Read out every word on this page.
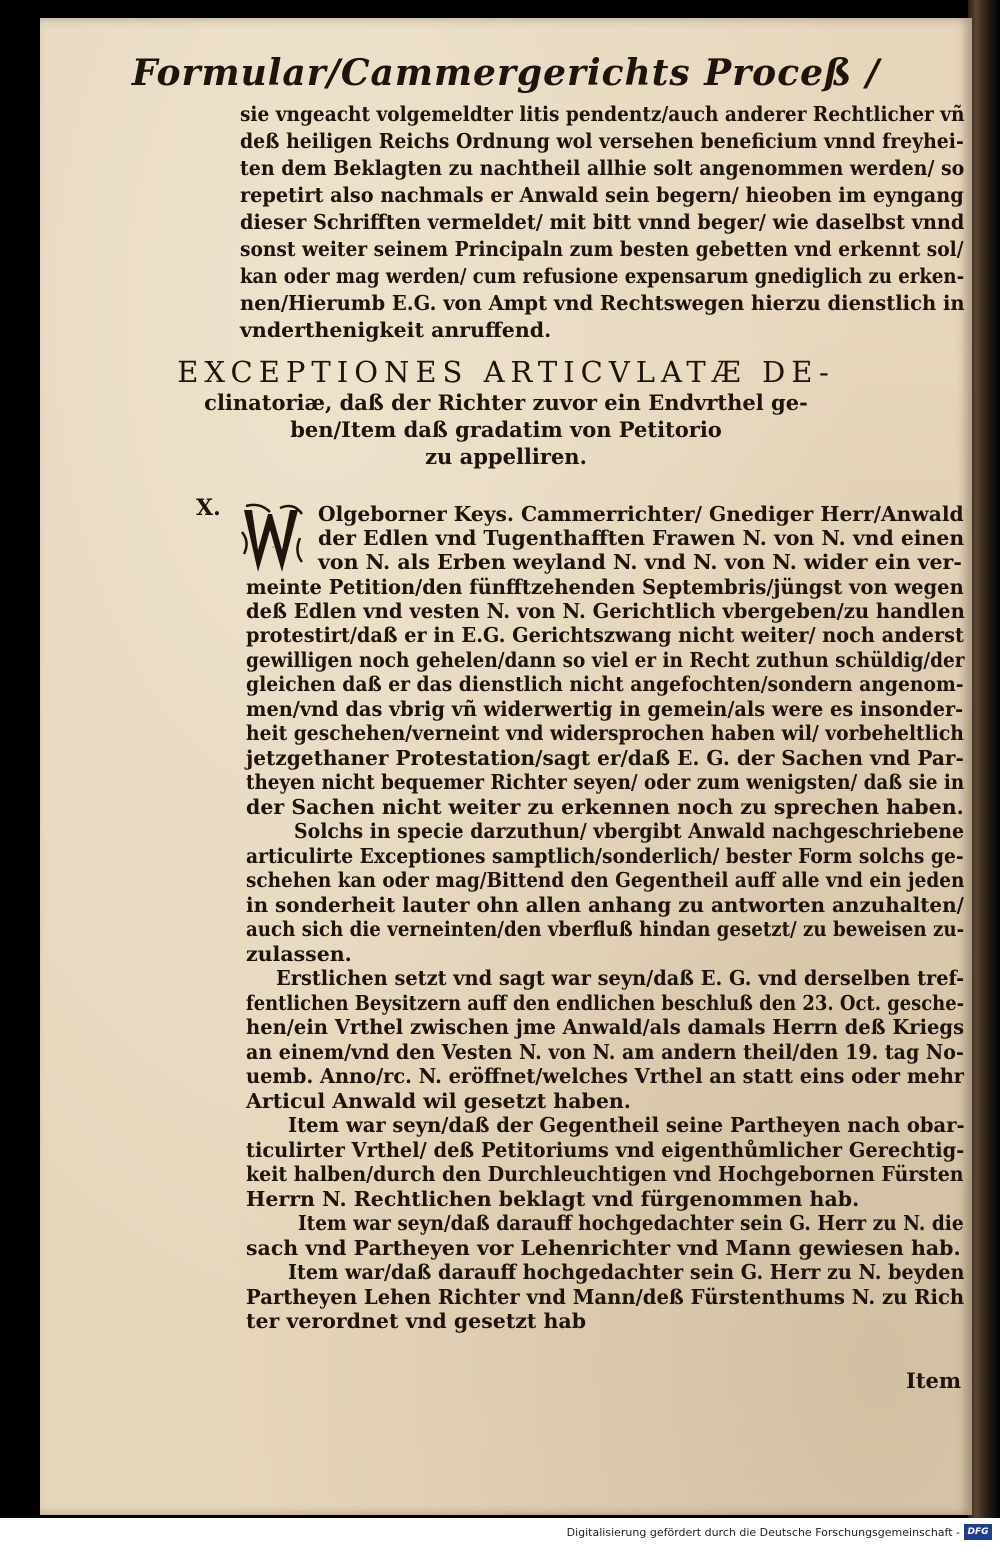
Formular/Cammergerichts Proceß /
sie vngeacht volgemeldter litis pendentz/auch anderer Rechtlicher vñ
deß heiligen Reichs Ordnung wol versehen beneficium vnnd freyhei-
ten dem Beklagten zu nachtheil allhie solt angenommen werden/ so
repetirt also nachmals er Anwald sein begern/ hieoben im eyngang
dieser Schrifften vermeldet/ mit bitt vnnd beger/ wie daselbst vnnd
sonst weiter seinem Principaln zum besten gebetten vnd erkennt sol/
kan oder mag werden/ cum refusione expensarum gnediglich zu erken-
nen/Hierumb E.G. von Ampt vnd Rechtswegen hierzu dienstlich in
vnderthenigkeit anruffend.
EXCEPTIONES ARTICVLATÆ DE-
clinatoriæ, daß der Richter zuvor ein Endvrthel ge-
ben/Item daß gradatim von Petitorio
zu appelliren.
X.
W
Olgeborner Keys. Cammerrichter/ Gnediger Herr/Anwald
der Edlen vnd Tugenthafften Frawen N. von N. vnd einen
von N. als Erben weyland N. vnd N. von N. wider ein ver-
meinte Petition/den fünfftzehenden Septembris/jüngst von wegen
deß Edlen vnd vesten N. von N. Gerichtlich vbergeben/zu handlen
protestirt/daß er in E.G. Gerichtszwang nicht weiter/ noch anderst
gewilligen noch gehelen/dann so viel er in Recht zuthun schüldig/der
gleichen daß er das dienstlich nicht angefochten/sondern angenom-
men/vnd das vbrig vñ widerwertig in gemein/als were es insonder-
heit geschehen/verneint vnd widersprochen haben wil/ vorbeheltlich
jetzgethaner Protestation/sagt er/daß E. G. der Sachen vnd Par-
theyen nicht bequemer Richter seyen/ oder zum wenigsten/ daß sie in
der Sachen nicht weiter zu erkennen noch zu sprechen haben.
Solchs in specie darzuthun/ vbergibt Anwald nachgeschriebene
articulirte Exceptiones samptlich/sonderlich/ bester Form solchs ge-
schehen kan oder mag/Bittend den Gegentheil auff alle vnd ein jeden
in sonderheit lauter ohn allen anhang zu antworten anzuhalten/
auch sich die verneinten/den vberfluß hindan gesetzt/ zu beweisen zu-
zulassen.
Erstlichen setzt vnd sagt war seyn/daß E. G. vnd derselben tref-
fentlichen Beysitzern auff den endlichen beschluß den 23. Oct. gesche-
hen/ein Vrthel zwischen jme Anwald/als damals Herrn deß Kriegs
an einem/vnd den Vesten N. von N. am andern theil/den 19. tag No-
uemb. Anno/rc. N. eröffnet/welches Vrthel an statt eins oder mehr
Articul Anwald wil gesetzt haben.
Item war seyn/daß der Gegentheil seine Partheyen nach obar-
ticulirter Vrthel/ deß Petitoriums vnd eigenthůmlicher Gerechtig-
keit halben/durch den Durchleuchtigen vnd Hochgebornen Fürsten
Herrn N. Rechtlichen beklagt vnd fürgenommen hab.
Item war seyn/daß darauff hochgedachter sein G. Herr zu N. die
sach vnd Partheyen vor Lehenrichter vnd Mann gewiesen hab.
Item war/daß darauff hochgedachter sein G. Herr zu N. beyden
Partheyen Lehen Richter vnd Mann/deß Fürstenthums N. zu Rich
ter verordnet vnd gesetzt hab
Item
Digitalisierung gefördert durch die Deutsche Forschungsgemeinschaft - DFG
